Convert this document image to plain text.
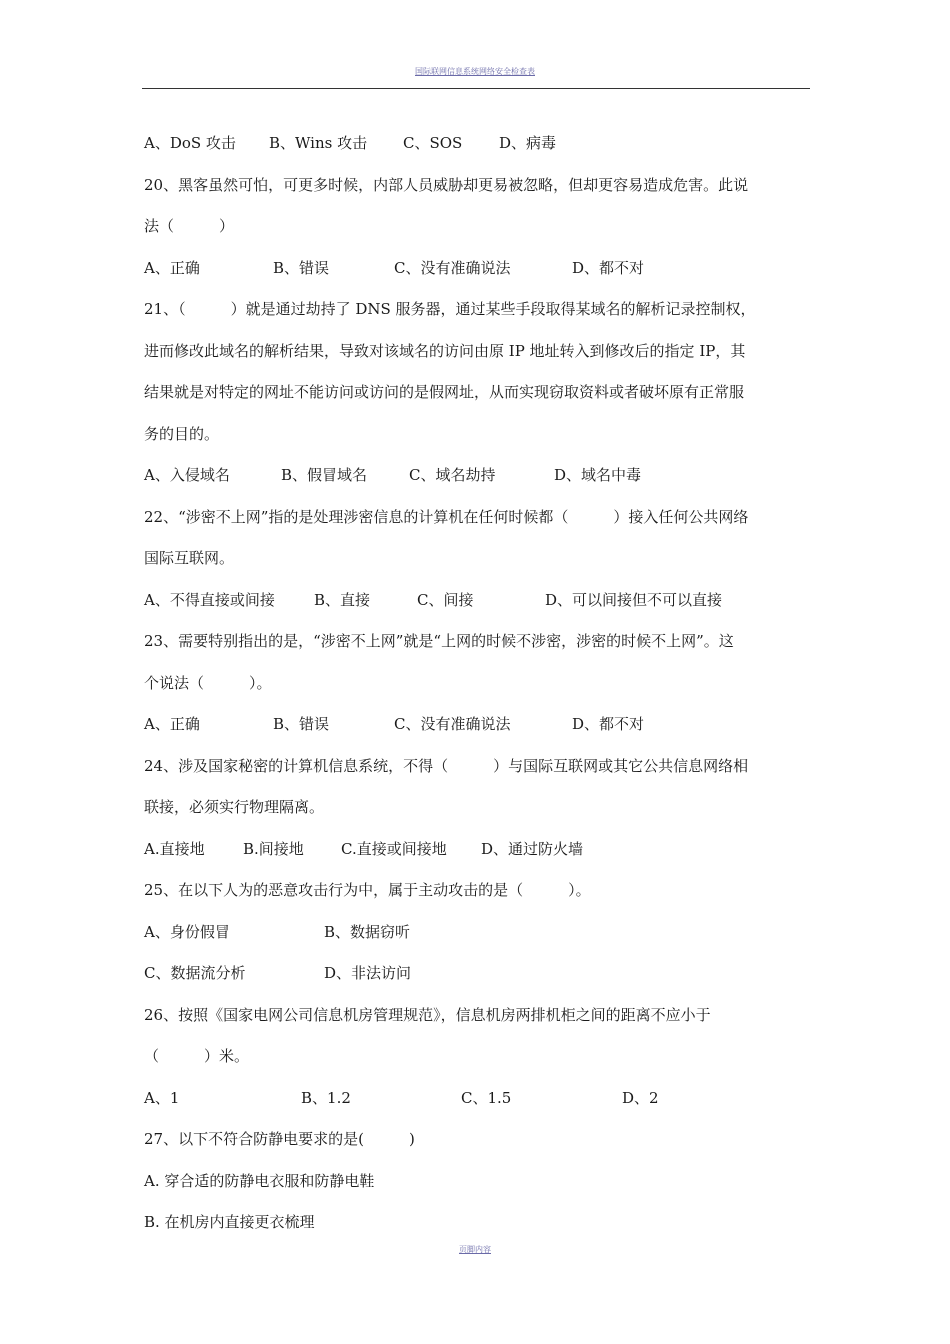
国际联网信息系统网络安全检查表
A、DoS 攻击	B、Wins 攻击	C、SOS	D、病毒
20、黑客虽然可怕，可更多时候，内部人员威胁却更易被忽略，但却更容易造成危害。此说
法（　　　）
A、正确	B、错误	C、没有准确说法	D、都不对
21、（　　　）就是通过劫持了 DNS 服务器，通过某些手段取得某域名的解析记录控制权，
进而修改此域名的解析结果，导致对该域名的访问由原 IP 地址转入到修改后的指定 IP，其
结果就是对特定的网址不能访问或访问的是假网址，从而实现窃取资料或者破坏原有正常服
务的目的。
A、入侵域名	B、假冒域名	C、域名劫持	D、域名中毒
22、“涉密不上网”指的是处理涉密信息的计算机在任何时候都（　　　）接入任何公共网络
国际互联网。
A、不得直接或间接	B、直接	C、间接	D、可以间接但不可以直接
23、需要特别指出的是，“涉密不上网”就是“上网的时候不涉密，涉密的时候不上网”。这
个说法（　　　）。
A、正确	B、错误	C、没有准确说法	D、都不对
24、涉及国家秘密的计算机信息系统，不得（　　　）与国际互联网或其它公共信息网络相
联接，必须实行物理隔离。
A.直接地	B.间接地	C.直接或间接地	D、通过防火墙
25、在以下人为的恶意攻击行为中，属于主动攻击的是（　　　）。
A、身份假冒	B、数据窃听
C、数据流分析	D、非法访问
26、按照《国家电网公司信息机房管理规范》，信息机房两排机柜之间的距离不应小于
（　　　）米。
A、1	B、1.2	C、1.5	D、2
27、以下不符合防静电要求的是(　　　)
A. 穿合适的防静电衣服和防静电鞋
B. 在机房内直接更衣梳理
页脚内容
